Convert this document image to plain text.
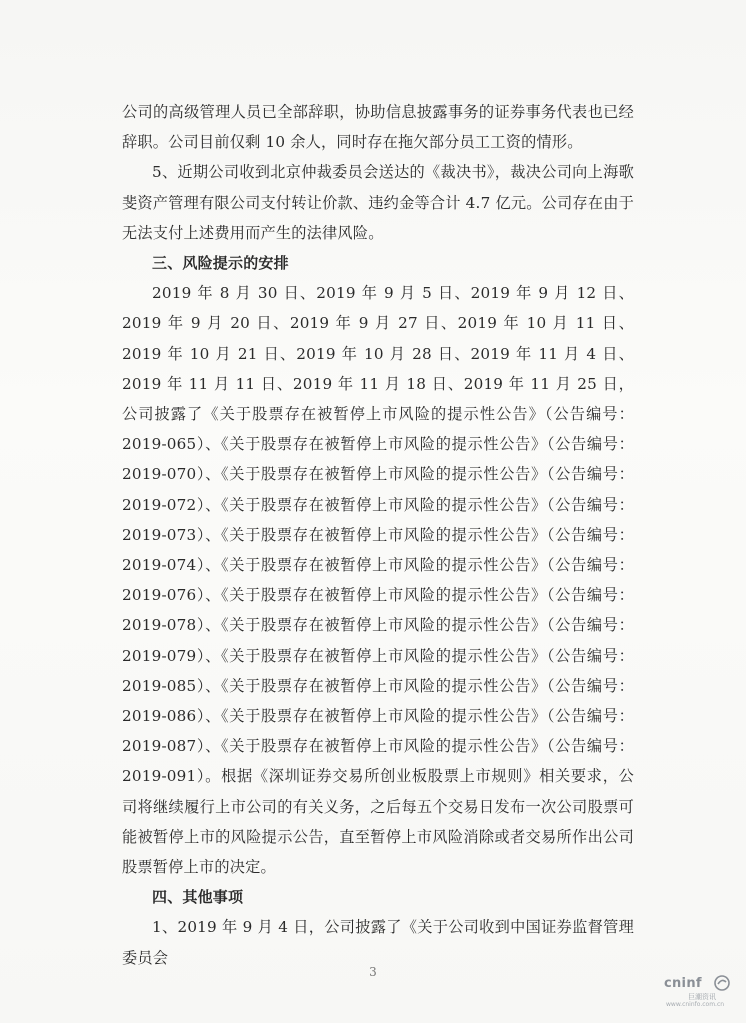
公司的高级管理人员已全部辞职，协助信息披露事务的证券事务代表也已经辞职。公司目前仅剩 10 余人，同时存在拖欠部分员工工资的情形。

5、近期公司收到北京仲裁委员会送达的《裁决书》，裁决公司向上海歌斐资产管理有限公司支付转让价款、违约金等合计 4.7 亿元。公司存在由于无法支付上述费用而产生的法律风险。

三、风险提示的安排

2019 年 8 月 30 日、2019 年 9 月 5 日、2019 年 9 月 12 日、2019 年 9 月 20 日、2019 年 9 月 27 日、2019 年 10 月 11 日、2019 年 10 月 21 日、2019 年 10 月 28 日、2019 年 11 月 4 日、2019 年 11 月 11 日、2019 年 11 月 18 日、2019 年 11 月 25 日，公司披露了《关于股票存在被暂停上市风险的提示性公告》（公告编号：2019-065）、《关于股票存在被暂停上市风险的提示性公告》（公告编号：2019-070）、《关于股票存在被暂停上市风险的提示性公告》（公告编号：2019-072）、《关于股票存在被暂停上市风险的提示性公告》（公告编号：2019-073）、《关于股票存在被暂停上市风险的提示性公告》（公告编号：2019-074）、《关于股票存在被暂停上市风险的提示性公告》（公告编号：2019-076）、《关于股票存在被暂停上市风险的提示性公告》（公告编号：2019-078）、《关于股票存在被暂停上市风险的提示性公告》（公告编号：2019-079）、《关于股票存在被暂停上市风险的提示性公告》（公告编号：2019-085）、《关于股票存在被暂停上市风险的提示性公告》（公告编号：2019-086）、《关于股票存在被暂停上市风险的提示性公告》（公告编号：2019-087）、《关于股票存在被暂停上市风险的提示性公告》（公告编号：2019-091）。根据《深圳证券交易所创业板股票上市规则》相关要求，公司将继续履行上市公司的有关义务，之后每五个交易日发布一次公司股票可能被暂停上市的风险提示公告，直至暂停上市风险消除或者交易所作出公司股票暂停上市的决定。

四、其他事项

1、2019 年 9 月 4 日，公司披露了《关于公司收到中国证券监督管理委员会

3
cninf
巨潮资讯
www.cninfo.com.cn
